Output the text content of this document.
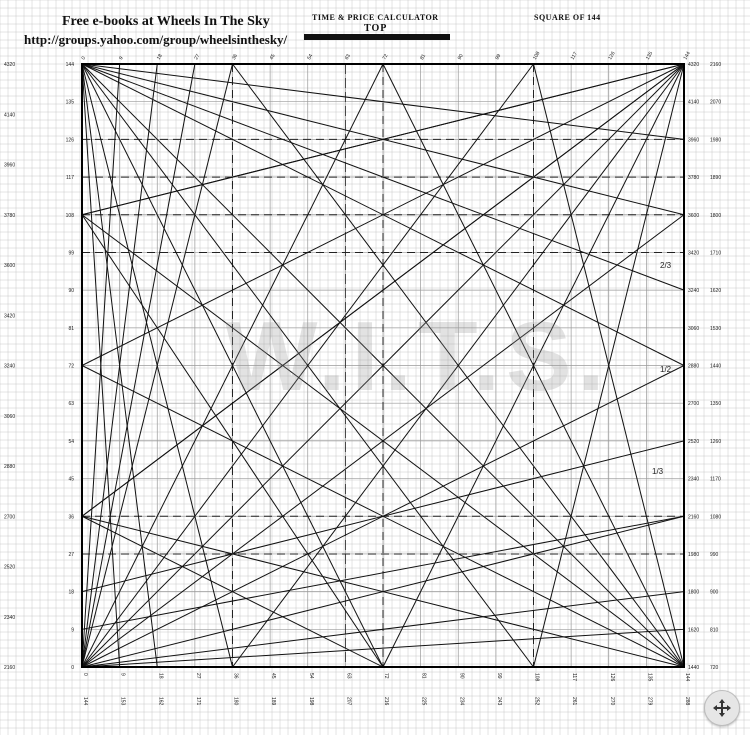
0
9
18
27
36
45
54
63
72
81
90
99
108
117
126
135
144
2160
2340
2520
2700
2880
3060
3240
3420
3600
3780
3960
4140
4320
1440
1620
1800
1980
2160
2340
2520
2700
2880
3060
3240
3420
3600
3780
3960
4140
4320
720
810
900
990
1080
1170
1260
1350
1440
1530
1620
1710
1800
1890
1980
2070
2160
0	9	18	27	36	45	54	63	72	81	90	99	108	117	126	135	144
144	153	162	171	180	189	198	207	216	225	234	243	252	261	270	279	288
0	9	18	27	36	45	54	63	72	81	90	99	108	117	126	135	144
2/3
1/2
1/3
Free e-books at Wheels In The Sky
http://groups.yahoo.com/group/wheelsinthesky/
TIME & PRICE CALCULATOR
TOP
SQUARE OF 144
W.I.T.S.
